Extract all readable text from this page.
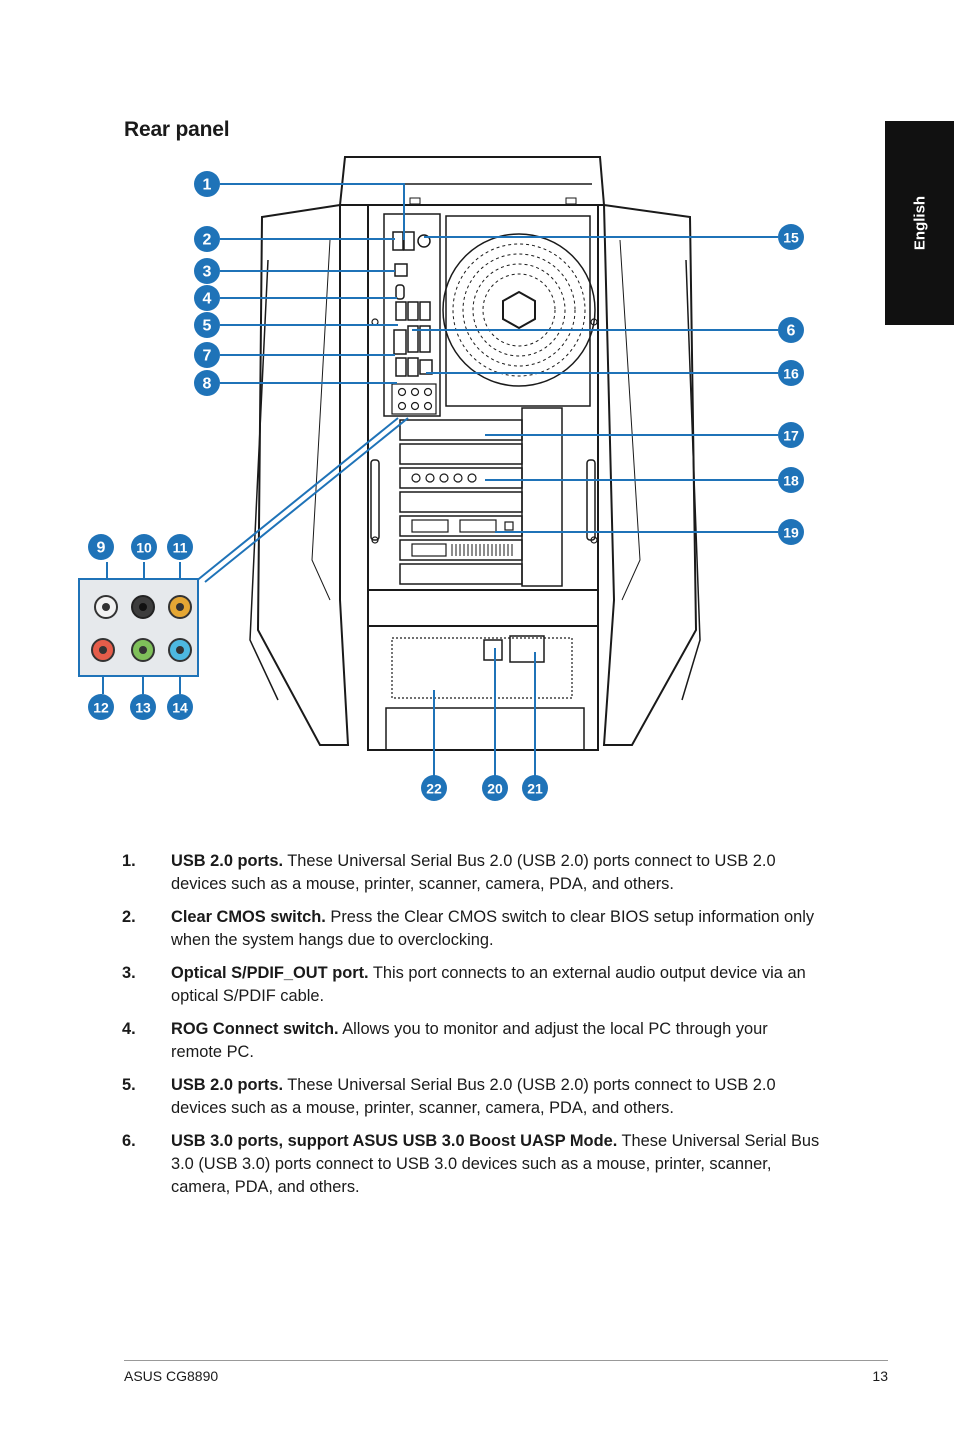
Rear panel
English
1
2
3
4
5	6
7
8
9 10 11
12 13 14
15
16
17
18
19
20 21
22
1. USB 2.0 ports. These Universal Serial Bus 2.0 (USB 2.0) ports connect to USB 2.0 devices such as a mouse, printer, scanner, camera, PDA, and others.
2. Clear CMOS switch. Press the Clear CMOS switch to clear BIOS setup information only when the system hangs due to overclocking.
3. Optical S/PDIF_OUT port. This port connects to an external audio output device via an optical S/PDIF cable.
4. ROG Connect switch. Allows you to monitor and adjust the local PC through your remote PC.
5. USB 2.0 ports. These Universal Serial Bus 2.0 (USB 2.0) ports connect to USB 2.0 devices such as a mouse, printer, scanner, camera, PDA, and others.
6. USB 3.0 ports, support ASUS USB 3.0 Boost UASP Mode. These Universal Serial Bus 3.0 (USB 3.0) ports connect to USB 3.0 devices such as a mouse, printer, scanner, camera, PDA, and others.
ASUS CG8890	13
